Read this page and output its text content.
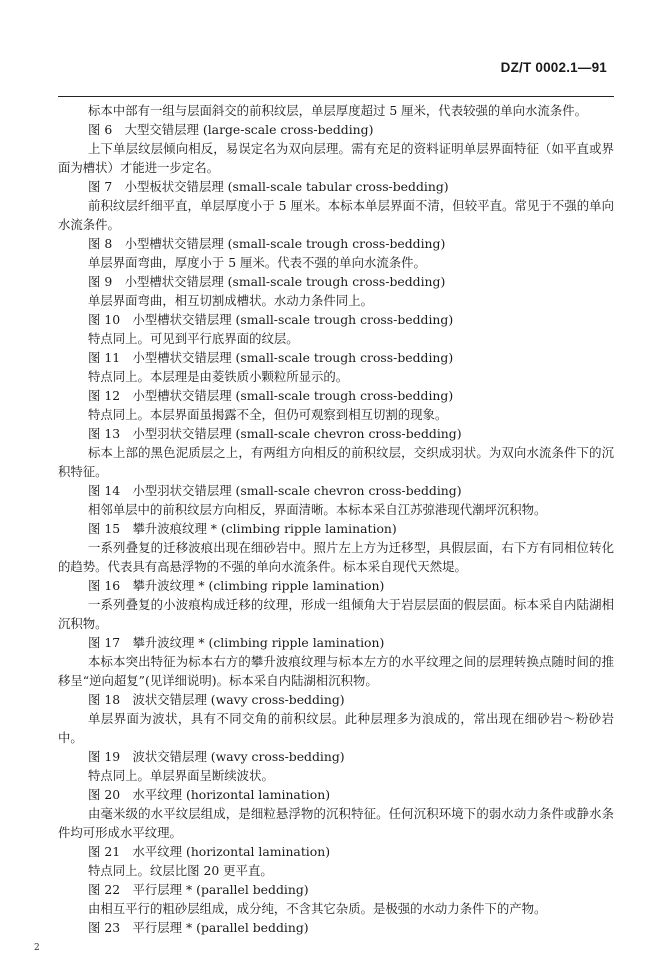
DZ/T 0002.1—91

标本中部有一组与层面斜交的前积纹层，单层厚度超过 5 厘米，代表较强的单向水流条件。

图 6　大型交错层理 (large-scale cross-bedding)

上下单层纹层倾向相反，易误定名为双向层理。需有充足的资料证明单层界面特征（如平直或界面为槽状）才能进一步定名。

图 7　小型板状交错层理 (small-scale tabular cross-bedding)

前积纹层纤细平直，单层厚度小于 5 厘米。本标本单层界面不清，但较平直。常见于不强的单向水流条件。

图 8　小型槽状交错层理 (small-scale trough cross-bedding)

单层界面弯曲，厚度小于 5 厘米。代表不强的单向水流条件。

图 9　小型槽状交错层理 (small-scale trough cross-bedding)

单层界面弯曲，相互切割成槽状。水动力条件同上。

图 10　小型槽状交错层理 (small-scale trough cross-bedding)

特点同上。可见到平行底界面的纹层。

图 11　小型槽状交错层理 (small-scale trough cross-bedding)

特点同上。本层理是由菱铁质小颗粒所显示的。

图 12　小型槽状交错层理 (small-scale trough cross-bedding)

特点同上。本层界面虽揭露不全，但仍可观察到相互切割的现象。

图 13　小型羽状交错层理 (small-scale chevron cross-bedding)

标本上部的黑色泥质层之上，有两组方向相反的前积纹层，交织成羽状。为双向水流条件下的沉积特征。

图 14　小型羽状交错层理 (small-scale chevron cross-bedding)

相邻单层中的前积纹层方向相反，界面清晰。本标本采自江苏弶港现代潮坪沉积物。

图 15　攀升波痕纹理 * (climbing ripple lamination)

一系列叠复的迁移波痕出现在细砂岩中。照片左上方为迁移型，具假层面，右下方有同相位转化的趋势。代表具有高悬浮物的不强的单向水流条件。标本采自现代天然堤。

图 16　攀升波纹理 * (climbing ripple lamination)

一系列叠复的小波痕构成迁移的纹理，形成一组倾角大于岩层层面的假层面。标本采自内陆湖相沉积物。

图 17　攀升波纹理 * (climbing ripple lamination)

本标本突出特征为标本右方的攀升波痕纹理与标本左方的水平纹理之间的层理转换点随时间的推移呈“逆向超复”(见详细说明)。标本采自内陆湖相沉积物。

图 18　波状交错层理 (wavy cross-bedding)

单层界面为波状，具有不同交角的前积纹层。此种层理多为浪成的，常出现在细砂岩～粉砂岩中。

图 19　波状交错层理 (wavy cross-bedding)

特点同上。单层界面呈断续波状。

图 20　水平纹理 (horizontal lamination)

由毫米级的水平纹层组成，是细粒悬浮物的沉积特征。任何沉积环境下的弱水动力条件或静水条件均可形成水平纹理。

图 21　水平纹理 (horizontal lamination)

特点同上。纹层比图 20 更平直。

图 22　平行层理 * (parallel bedding)

由相互平行的粗砂层组成，成分纯，不含其它杂质。是极强的水动力条件下的产物。

图 23　平行层理 * (parallel bedding)

2
